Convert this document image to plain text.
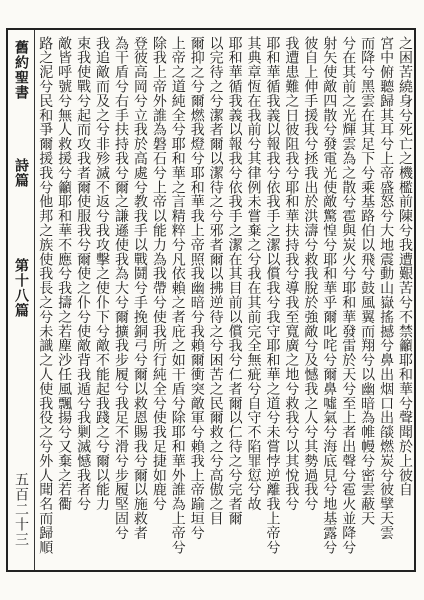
舊約聖書
詩篇
第十八篇
五百二十三
之困苦繞身兮死亡之機檻前陳兮我遭艱苦兮不禁籲耶和華兮聲聞於上彼自
宮中俯聽歸其耳兮上帝盛怒兮大地震動山嶽搖撼兮鼻出烟口出燄燃炭兮彼擘天雲
而降兮黑雲在其足下兮乘基路伯以飛兮鼓風翼而翔兮以幽暗為帷幔兮密雲蔽天
兮在其前之光輝雲為之散兮雹與炭火兮耶和華發雷於天兮至上者出聲兮雹火並降兮
射矢使敵四散兮發電光使敵驚惶兮耶和華乎爾叱咤兮爾鼻噓氣兮海底見兮地基露兮
彼自上伸手援我兮拯我出於洪濤兮救我脫於強敵兮及憾我之人兮其勢過我兮
我遭患難之日彼阻我兮耶和華扶持我兮導我至寬廣之地兮救我兮以其悅我兮
耶和華循我義以報我兮依我手之潔以償我兮我守耶和華之道兮未嘗悖逆離我上帝兮
其典章恆在我前兮其律例未嘗棄之兮我在其前完全無疵兮自守不陷罪愆兮故
耶和華循我義以報我兮依我手之潔在其目前以償我兮仁者爾以仁待之兮完者爾
以完待之兮潔者爾以潔待之兮邪者爾以拂逆待之兮困苦之民爾救之兮高傲之目
爾抑之兮爾燃我燈兮耶和華我上帝照我幽暗兮我賴爾衝突敵軍兮賴我上帝踰垣兮
上帝之道純全兮耶和華之言精粹兮凡依賴之者庇之如干盾兮除耶和華外誰為上帝兮
除我上帝外誰為磐石兮上帝以能力為我帶兮使我所行純全兮使我足捷如鹿兮
登彼高岡兮立我於高處兮教我手以戰鬪兮手挽銅弓兮爾以救恩賜我兮爾以施救者
為干盾兮右手扶持我兮爾之謙遜使我為大兮爾擴我步履兮我足不滑兮步履堅固兮
我追敵而及之兮非殄滅不返兮我攻擊之使仆下兮敵不能起我踐之兮爾以能力
束我使戰兮起而攻我者爾使服我兮爾使之仆兮使敵背我遁兮我剿滅憾我者兮
敵皆呼號兮無人救援兮籲耶和華不應兮我擣之若塵沙任風飄揚兮又棄之若衢
路之泥兮民和爭爾援我兮他邦之族使我長之兮未識之人使我役之兮外人聞名而歸順
